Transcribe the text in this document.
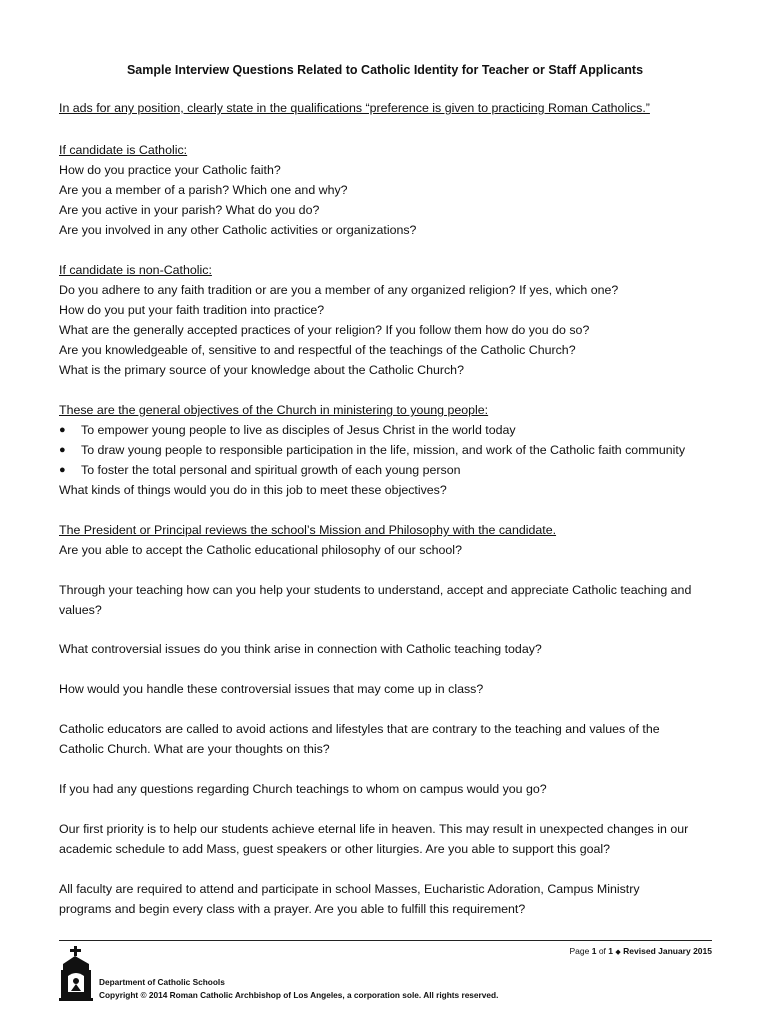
Sample Interview Questions Related to Catholic Identity for Teacher or Staff Applicants
In ads for any position, clearly state in the qualifications “preference is given to practicing Roman Catholics.”
If candidate is Catholic:
How do you practice your Catholic faith?
Are you a member of a parish? Which one and why?
Are you active in your parish? What do you do?
Are you involved in any other Catholic activities or organizations?
If candidate is non-Catholic:
Do you adhere to any faith tradition or are you a member of any organized religion? If yes, which one?
How do you put your faith tradition into practice?
What are the generally accepted practices of your religion? If you follow them how do you do so?
Are you knowledgeable of, sensitive to and respectful of the teachings of the Catholic Church?
What is the primary source of your knowledge about the Catholic Church?
These are the general objectives of the Church in ministering to young people:
● To empower young people to live as disciples of Jesus Christ in the world today
● To draw young people to responsible participation in the life, mission, and work of the Catholic faith community
● To foster the total personal and spiritual growth of each young person
What kinds of things would you do in this job to meet these objectives?
The President or Principal reviews the school’s Mission and Philosophy with the candidate.
Are you able to accept the Catholic educational philosophy of our school?
Through your teaching how can you help your students to understand, accept and appreciate Catholic teaching and
values?
What controversial issues do you think arise in connection with Catholic teaching today?
How would you handle these controversial issues that may come up in class?
Catholic educators are called to avoid actions and lifestyles that are contrary to the teaching and values of the
Catholic Church. What are your thoughts on this?
If you had any questions regarding Church teachings to whom on campus would you go?
Our first priority is to help our students achieve eternal life in heaven. This may result in unexpected changes in our
academic schedule to add Mass, guest speakers or other liturgies. Are you able to support this goal?
All faculty are required to attend and participate in school Masses, Eucharistic Adoration, Campus Ministry
programs and begin every class with a prayer. Are you able to fulfill this requirement?
Page 1 of 1 ◆ Revised January 2015
Department of Catholic Schools
Copyright © 2014 Roman Catholic Archbishop of Los Angeles, a corporation sole. All rights reserved.
